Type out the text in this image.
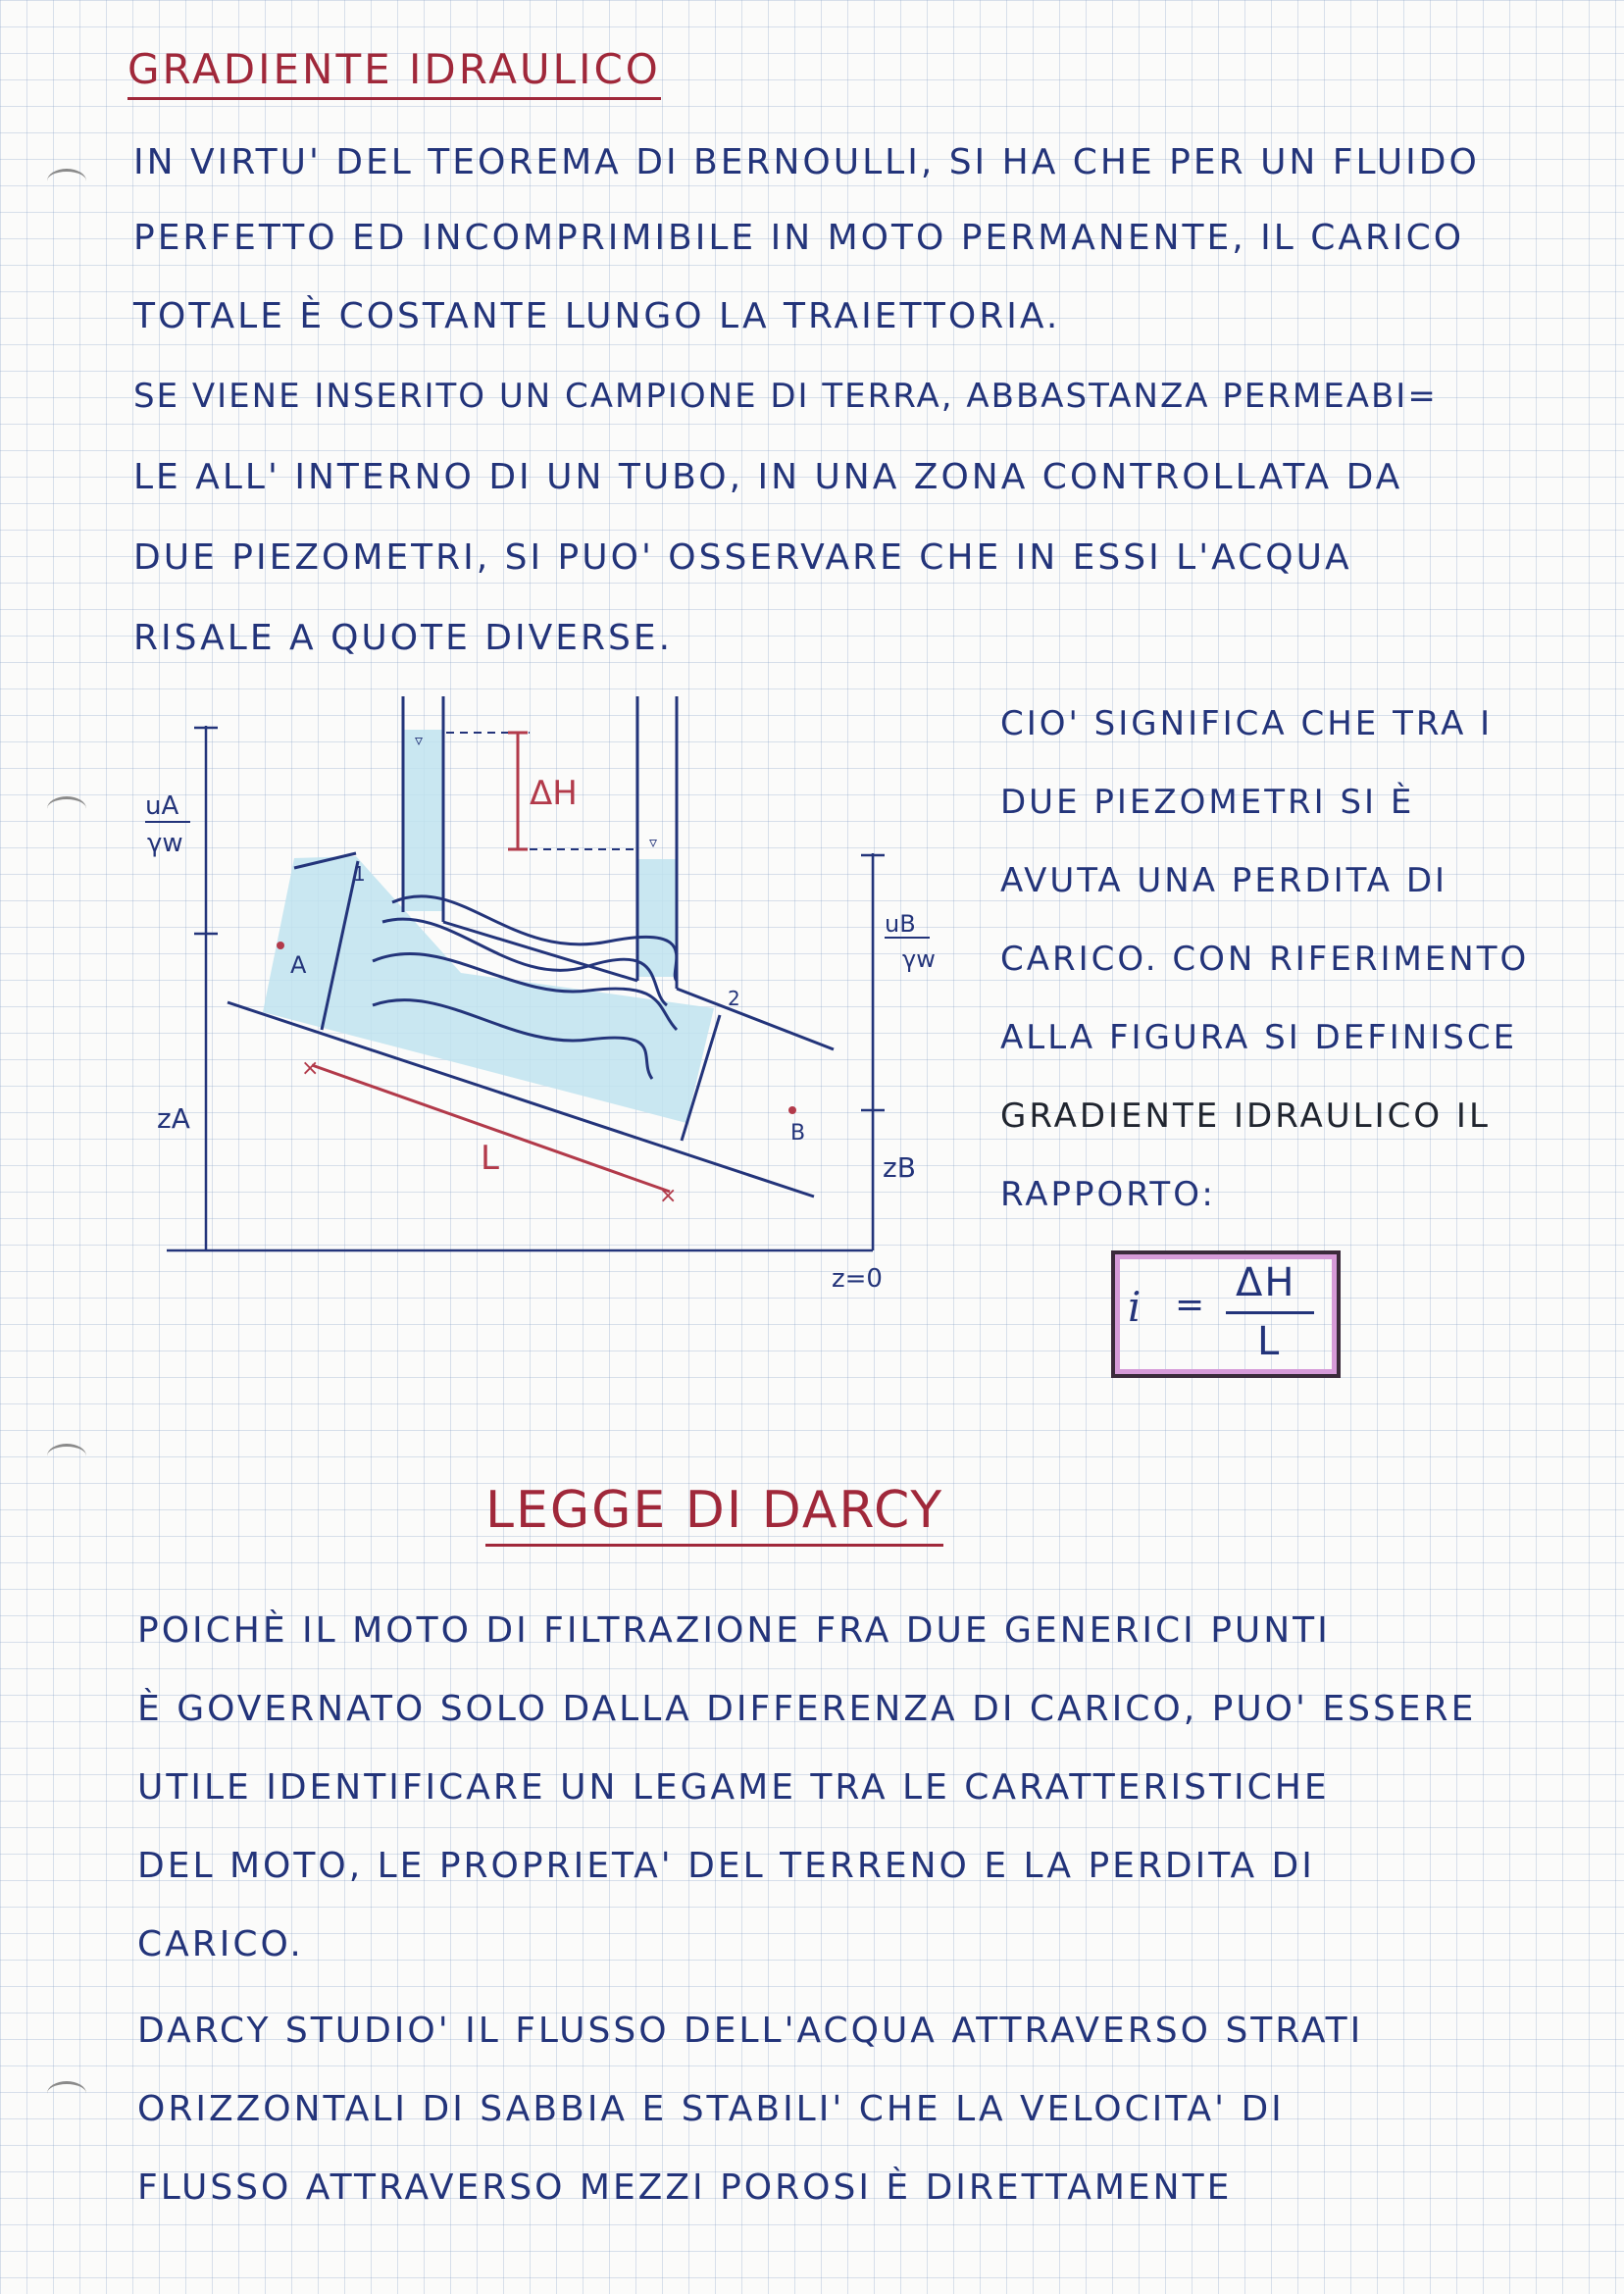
GRADIENTE IDRAULICO
IN VIRTU' DEL TEOREMA DI BERNOULLI, SI HA CHE PER UN FLUIDO
PERFETTO ED INCOMPRIMIBILE IN MOTO PERMANENTE, IL CARICO
TOTALE È COSTANTE LUNGO LA TRAIETTORIA.
SE VIENE INSERITO UN CAMPIONE DI TERRA, ABBASTANZA PERMEABI=
LE ALL' INTERNO DI UN TUBO, IN UNA ZONA CONTROLLATA DA
DUE PIEZOMETRI, SI PUO' OSSERVARE CHE IN ESSI L'ACQUA
RISALE A QUOTE DIVERSE.
CIO' SIGNIFICA CHE TRA I
DUE PIEZOMETRI SI È
AVUTA UNA PERDITA DI
CARICO. CON RIFERIMENTO
ALLA FIGURA SI DEFINISCE
GRADIENTE IDRAULICO IL
RAPPORTO:
i = ΔH
L
1
2
▿
▿
ΔH
×
×
L
A
B
uA
γw
zA
uB
γw
zB
z=0
LEGGE DI DARCY
POICHÈ IL MOTO DI FILTRAZIONE FRA DUE GENERICI PUNTI
È GOVERNATO SOLO DALLA DIFFERENZA DI CARICO, PUO' ESSERE
UTILE IDENTIFICARE UN LEGAME TRA LE CARATTERISTICHE
DEL MOTO, LE PROPRIETA' DEL TERRENO E LA PERDITA DI
CARICO.
DARCY STUDIO' IL FLUSSO DELL'ACQUA ATTRAVERSO STRATI
ORIZZONTALI DI SABBIA E STABILI' CHE LA VELOCITA' DI
FLUSSO ATTRAVERSO MEZZI POROSI È DIRETTAMENTE
